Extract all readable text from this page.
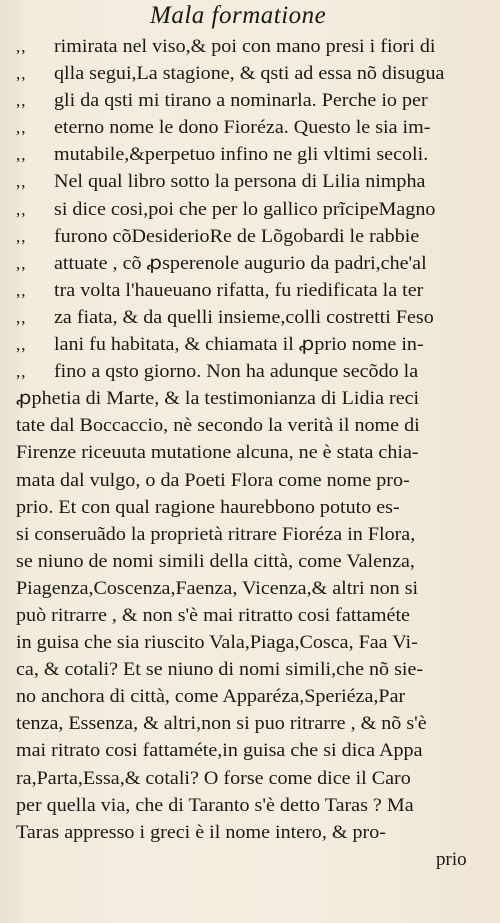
Mala formatione
,, rimirata nel viso,& poi con mano presi i fiori di
,, qlla segui,La stagione, & qsti ad essa nõ disugua
,, gli da qsti mi tirano a nominarla. Perche io per
,, eterno nome le dono Fioréza. Questo le sia im-
,, mutabile,&perpetuo infino ne gli vltimi secoli.
,, Nel qual libro sotto la persona di Lilia nimpha
,, si dice cosi,poi che per lo gallico prĩcipeMagno
,, furono cõDesiderioRe de Lõgobardi le rabbie
,, attuate , cõ ꝓsperenole augurio da padri,che'al
,, tra volta l'haueuano rifatta, fu riedificata la ter
,, za fiata, & da quelli insieme,colli costretti Feso
,, lani fu habitata, & chiamata il ꝓprio nome in-
,, fino a qsto giorno. Non ha adunque secõdo la
ꝓphetia di Marte, & la testimonianza di Lidia reci
tate dal Boccaccio, nè secondo la verità il nome di
Firenze riceuuta mutatione alcuna, ne è stata chia-
mata dal vulgo, o da Poeti Flora come nome pro-
prio. Et con qual ragione haurebbono potuto es-
si conseruãdo la proprietà ritrare Fioréza in Flora,
se niuno de nomi simili della città, come Valenza,
Piagenza,Coscenza,Faenza, Vicenza,& altri non si
può ritrarre , & non s'è mai ritratto cosi fattaméte
in guisa che sia riuscito Vala,Piaga,Cosca, Faa Vi-
ca, & cotali? Et se niuno di nomi simili,che nõ sie-
no anchora di città, come Apparéza,Speriéza,Par
tenza, Essenza, & altri,non si puo ritrarre , & nõ s'è
mai ritrato cosi fattaméte,in guisa che si dica Appa
ra,Parta,Essa,& cotali? O forse come dice il Caro
per quella via, che di Taranto s'è detto Taras ? Ma
Taras appresso i greci è il nome intero, & pro-
prio
